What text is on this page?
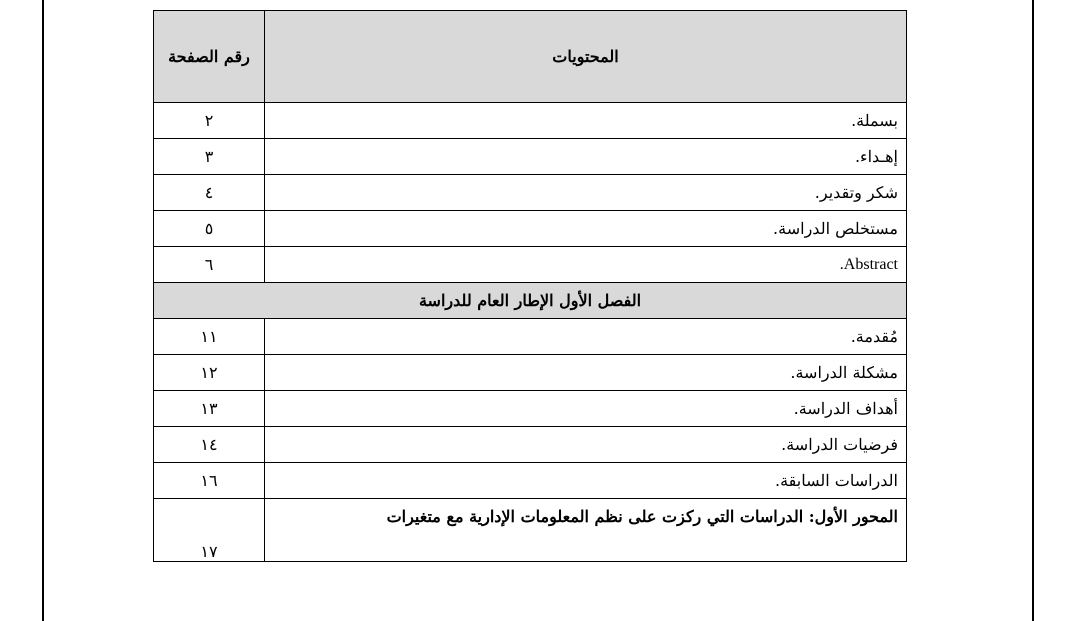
المحتويات	رقم الصفحة
بسملة.	٢
إهـداء.	٣
شكر وتقدير.	٤
مستخلص الدراسة.	٥
Abstract.	٦
الفصل الأول الإطار العام للدراسة	
مُقدمة.	١١
مشكلة الدراسة.	١٢
أهداف الدراسة.	١٣
فرضيات الدراسة.	١٤
الدراسات السابقة.	١٦
المحور الأول: الدراسات التي ركزت على نظم المعلومات الإدارية مع متغيرات	١٧
